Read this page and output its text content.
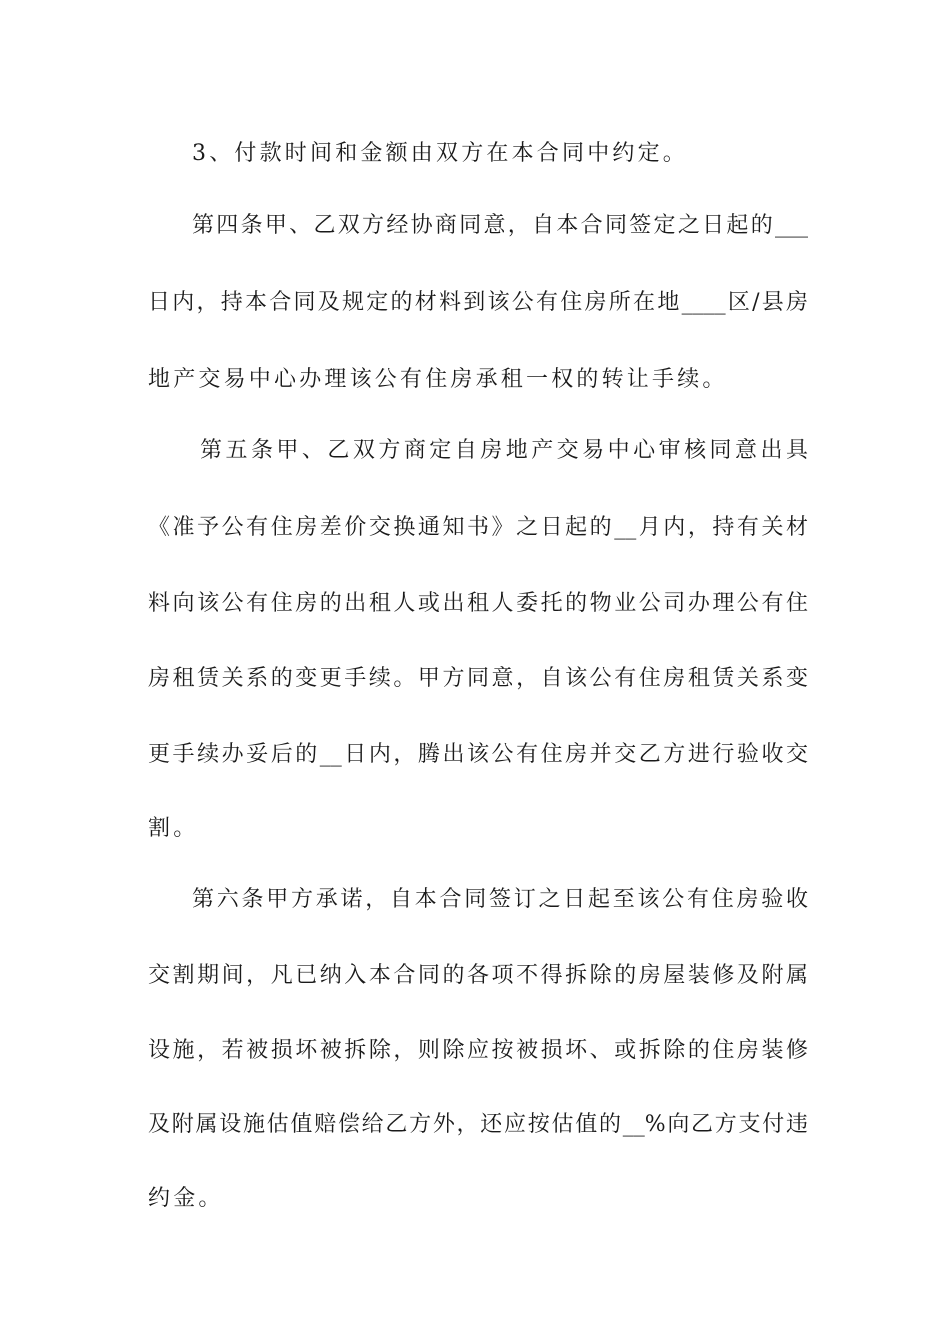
3、付款时间和金额由双方在本合同中约定。
第四条甲、乙双方经协商同意，自本合同签定之日起的___
日内，持本合同及规定的材料到该公有住房所在地____区/县房
地产交易中心办理该公有住房承租一权的转让手续。
第五条甲、乙双方商定自房地产交易中心审核同意出具
《准予公有住房差价交换通知书》之日起的__月内，持有关材
料向该公有住房的出租人或出租人委托的物业公司办理公有住
房租赁关系的变更手续。甲方同意，自该公有住房租赁关系变
更手续办妥后的__日内，腾出该公有住房并交乙方进行验收交
割。
第六条甲方承诺，自本合同签订之日起至该公有住房验收
交割期间，凡已纳入本合同的各项不得拆除的房屋装修及附属
设施，若被损坏被拆除，则除应按被损坏、或拆除的住房装修
及附属设施估值赔偿给乙方外，还应按估值的__%向乙方支付违
约金。
